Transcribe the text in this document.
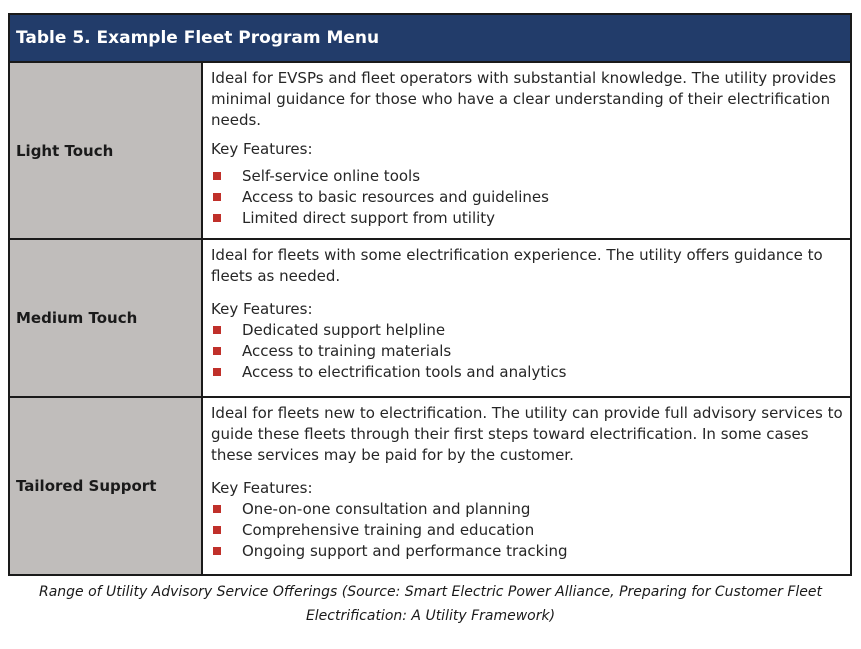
Table 5. Example Fleet Program Menu
Light Touch

Ideal for EVSPs and fleet operators with substantial knowledge. The utility provides minimal guidance for those who have a clear understanding of their electrification needs.

Key Features:

Self-service online tools
Access to basic resources and guidelines
Limited direct support from utility
Medium Touch

Ideal for fleets with some electrification experience. The utility offers guidance to fleets as needed.

Key Features:

Dedicated support helpline
Access to training materials
Access to electrification tools and analytics
Tailored Support

Ideal for fleets new to electrification. The utility can provide full advisory services to guide these fleets through their first steps toward electrification. In some cases these services may be paid for by the customer.

Key Features:

One-on-one consultation and planning
Comprehensive training and education
Ongoing support and performance tracking
Range of Utility Advisory Service Offerings (Source: Smart Electric Power Alliance, Preparing for Customer Fleet
Electrification: A Utility Framework)
